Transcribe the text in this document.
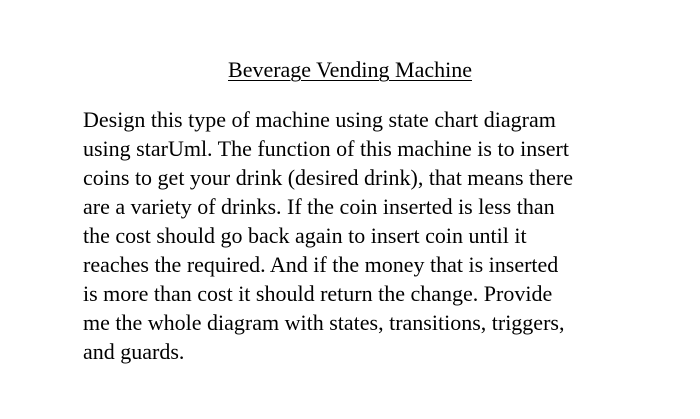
Beverage Vending Machine

Design this type of machine using state chart diagram
using starUml. The function of this machine is to insert
coins to get your drink (desired drink), that means there
are a variety of drinks. If the coin inserted is less than
the cost should go back again to insert coin until it
reaches the required. And if the money that is inserted
is more than cost it should return the change. Provide
me the whole diagram with states, transitions, triggers,
and guards.
